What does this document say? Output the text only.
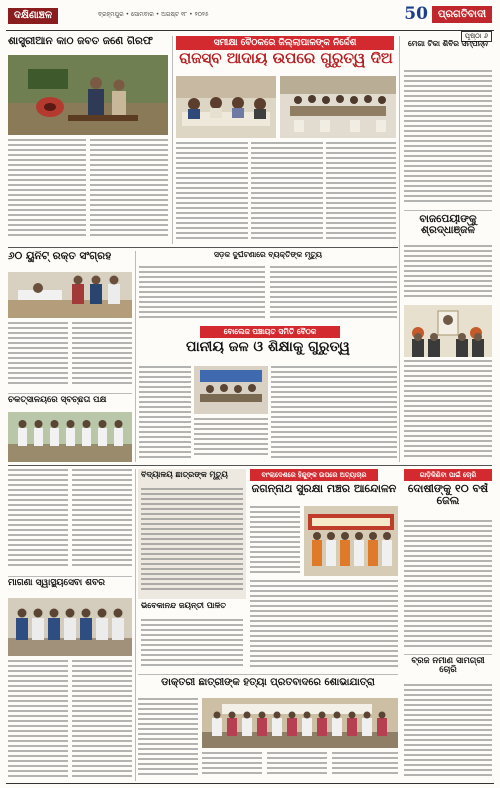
ଦକ୍ଷିଣାଞ୍ଚଳ	ବ୍ରହ୍ମପୁର • ସୋମବାର • ଅଗଷ୍ଟ ୧୮ • ୨୦୨୫	50	ପ୍ରଗତିବାଦୀ
ପୃଷ୍ଠା ୬
ଶାସ୍ତ୍ରୀଆନ କାଠ ଜବତ ଜଣେ ଗିରଫ	ସମୀକ୍ଷା ବୈଠକରେ ଜିଲ୍ଲାପାଳଙ୍କ ନିର୍ଦ୍ଦେଶ
ରାଜସ୍ବ ଆଦାୟ ଉପରେ ଗୁରୁତ୍ୱ ଦିଅ
ମେଗା ଟିକା ଶିବିର ସମ୍ପନ୍ନ
ବାଜପେୟୀଙ୍କୁ ଶ୍ରଦ୍ଧାଞ୍ଜଳି
୬୦ ୟୁନିଟ୍ ରକ୍ତ ସଂଗ୍ରହ	ସଡ଼କ ଦୁର୍ଘଟଣାରେ ବ୍ୟକ୍ତିଙ୍କ ମୃତ୍ୟୁ
ବୋଲେଜ ପଞ୍ଚାୟତ ସମିତି ବୈଠକ
ପାନୀୟ ଜଳ ଓ ଶିକ୍ଷାକୁ ଗୁରୁତ୍ୱ
ଚିକିତ୍ସାଳୟରେ ସ୍ବଚ୍ଛତା ପକ୍ଷ
ମାଗଣା ସ୍ୱାସ୍ଥ୍ୟସେବା ଶିବିର
ବିଦ୍ୟାଳୟ ଛାତ୍ରଙ୍କ ମୃତ୍ୟୁ
ଭିବେକାନନ୍ଦ ଜୟନ୍ତୀ ପାଳିତ
ବାଂଲାଦେଶରେ ହିନ୍ଦୁଙ୍କ ଉପରେ ଅତ୍ୟାଚାର
ଜଗନ୍ନାଥ ସୁରକ୍ଷା ମଞ୍ଚର ଆନ୍ଦୋଳନ
ଗାଡ଼ିକିଣିବା ପାଇଁ ଚୋରି
ଦୋଷୀଙ୍କୁ ୧୦ ବର୍ଷ ଜେଲ
ବ୍ରିଜ ନିର୍ମାଣ ସାମଗ୍ରୀ ଚୋରି
ଡାକ୍ତରୀ ଛାତ୍ରୀଙ୍କ ହତ୍ୟା ପ୍ରତିବାଦରେ ଶୋଭାଯାତ୍ରା
